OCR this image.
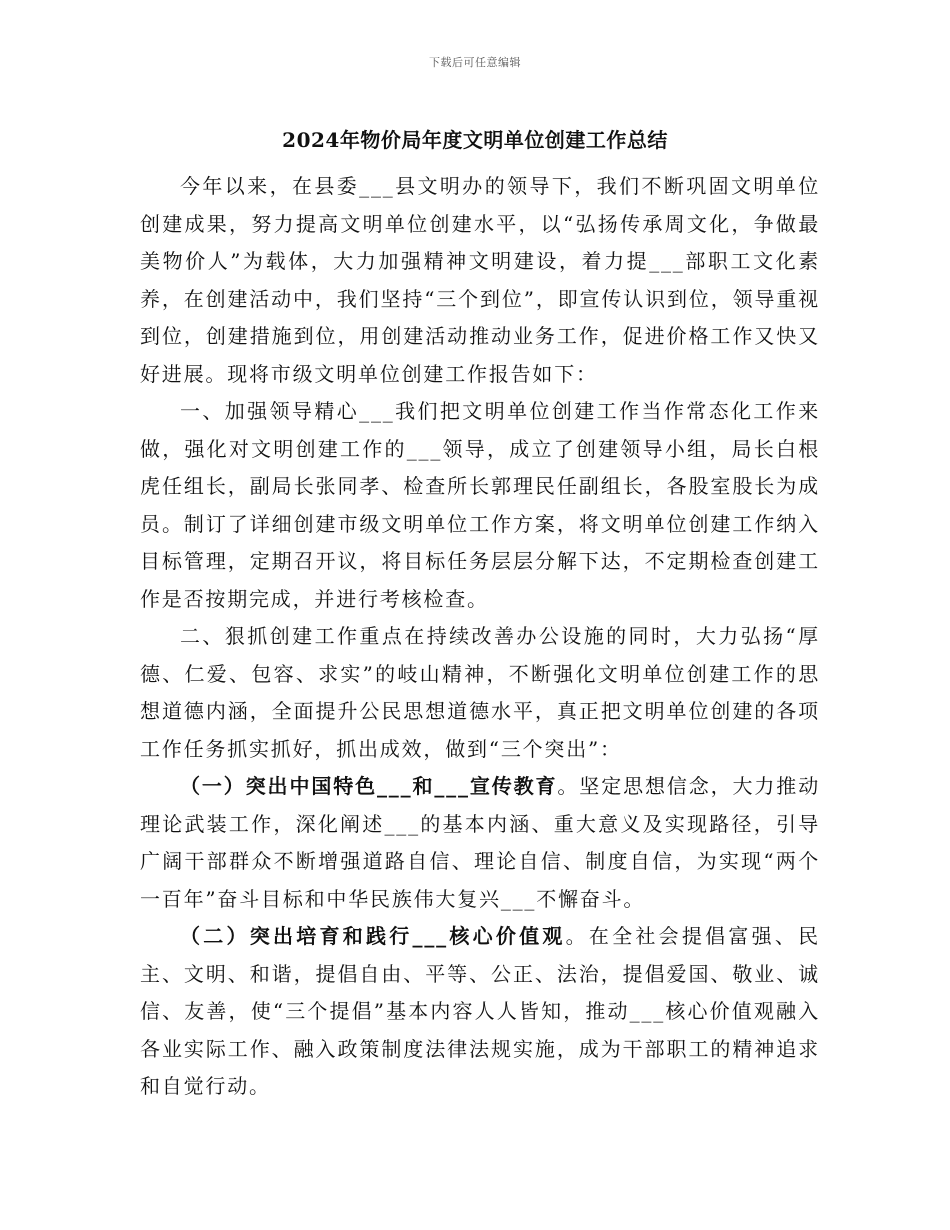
下载后可任意编辑
2024年物价局年度文明单位创建工作总结

今年以来，在县委___县文明办的领导下，我们不断巩固文明单位创建成果，努力提高文明单位创建水平，以“弘扬传承周文化，争做最美物价人”为载体，大力加强精神文明建设，着力提___部职工文化素养，在创建活动中，我们坚持“三个到位”，即宣传认识到位，领导重视到位，创建措施到位，用创建活动推动业务工作，促进价格工作又快又好进展。现将市级文明单位创建工作报告如下：

一、加强领导精心___我们把文明单位创建工作当作常态化工作来做，强化对文明创建工作的___领导，成立了创建领导小组，局长白根虎任组长，副局长张同孝、检查所长郭理民任副组长，各股室股长为成员。制订了详细创建市级文明单位工作方案，将文明单位创建工作纳入目标管理，定期召开议，将目标任务层层分解下达，不定期检查创建工作是否按期完成，并进行考核检查。

二、狠抓创建工作重点在持续改善办公设施的同时，大力弘扬“厚德、仁爱、包容、求实”的岐山精神，不断强化文明单位创建工作的思想道德内涵，全面提升公民思想道德水平，真正把文明单位创建的各项工作任务抓实抓好，抓出成效，做到“三个突出”：

（一）突出中国特色___和___宣传教育。坚定思想信念，大力推动理论武装工作，深化阐述___的基本内涵、重大意义及实现路径，引导广阔干部群众不断增强道路自信、理论自信、制度自信，为实现“两个一百年”奋斗目标和中华民族伟大复兴___不懈奋斗。

（二）突出培育和践行___核心价值观。在全社会提倡富强、民主、文明、和谐，提倡自由、平等、公正、法治，提倡爱国、敬业、诚信、友善，使“三个提倡”基本内容人人皆知，推动___核心价值观融入各业实际工作、融入政策制度法律法规实施，成为干部职工的精神追求和自觉行动。
